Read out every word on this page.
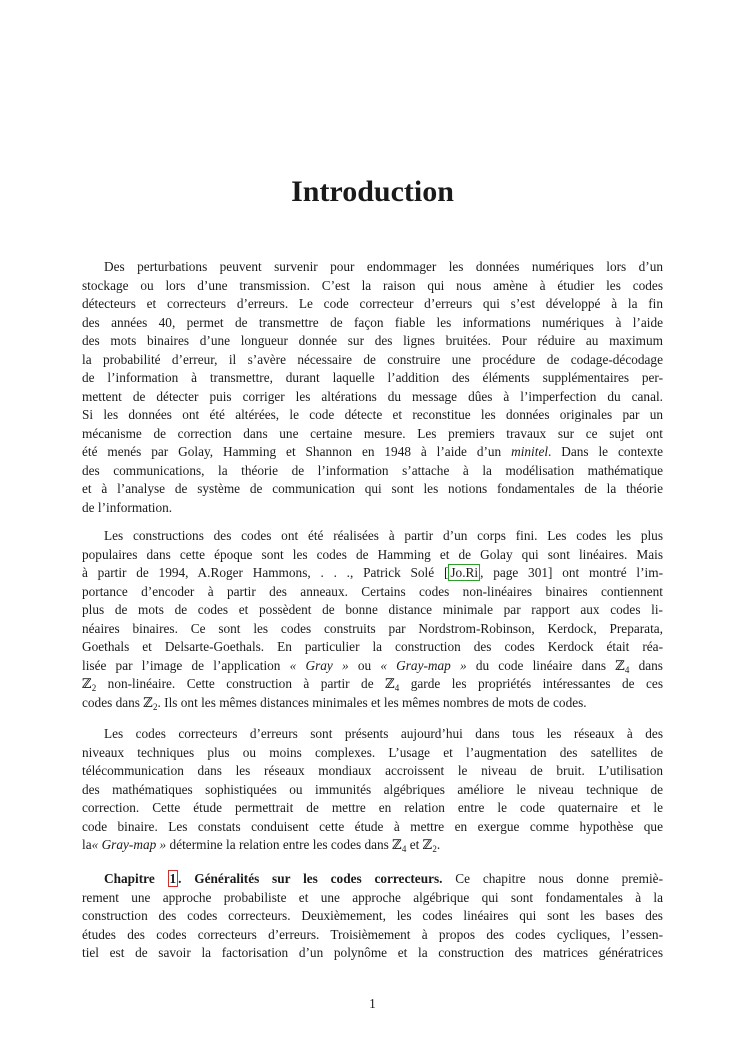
Introduction
Des perturbations peuvent survenir pour endommager les données numériques lors d’un
stockage ou lors d’une transmission. C’est la raison qui nous amène à étudier les codes
détecteurs et correcteurs d’erreurs. Le code correcteur d’erreurs qui s’est développé à la fin
des années 40, permet de transmettre de façon fiable les informations numériques à l’aide
des mots binaires d’une longueur donnée sur des lignes bruitées. Pour réduire au maximum
la probabilité d’erreur, il s’avère nécessaire de construire une procédure de codage-décodage
de l’information à transmettre, durant laquelle l’addition des éléments supplémentaires per-
mettent de détecter puis corriger les altérations du message dûes à l’imperfection du canal.
Si les données ont été altérées, le code détecte et reconstitue les données originales par un
mécanisme de correction dans une certaine mesure. Les premiers travaux sur ce sujet ont
été menés par Golay, Hamming et Shannon en 1948 à l’aide d’un minitel. Dans le contexte
des communications, la théorie de l’information s’attache à la modélisation mathématique
et à l’analyse de système de communication qui sont les notions fondamentales de la théorie
de l’information.
Les constructions des codes ont été réalisées à partir d’un corps fini. Les codes les plus
populaires dans cette époque sont les codes de Hamming et de Golay qui sont linéaires. Mais
à partir de 1994, A.Roger Hammons, . . ., Patrick Solé [ Jo.Ri , page 301] ont montré l’im-
portance d’encoder à partir des anneaux. Certains codes non-linéaires binaires contiennent
plus de mots de codes et possèdent de bonne distance minimale par rapport aux codes li-
néaires binaires. Ce sont les codes construits par Nordstrom-Robinson, Kerdock, Preparata,
Goethals et Delsarte-Goethals. En particulier la construction des codes Kerdock était réa-
lisée par l’image de l’application « Gray » ou « Gray-map » du code linéaire dans ℤ$_4$ dans
ℤ$_2$ non-linéaire. Cette construction à partir de ℤ$_4$ garde les propriétés intéressantes de ces
codes dans ℤ$_2$. Ils ont les mêmes distances minimales et les mêmes nombres de mots de codes.
Les codes correcteurs d’erreurs sont présents aujourd’hui dans tous les réseaux à des
niveaux techniques plus ou moins complexes. L’usage et l’augmentation des satellites de
télécommunication dans les réseaux mondiaux accroissent le niveau de bruit. L’utilisation
des mathématiques sophistiquées ou immunités algébriques améliore le niveau technique de
correction. Cette étude permettrait de mettre en relation entre le code quaternaire et le
code binaire. Les constats conduisent cette étude à mettre en exergue comme hypothèse que
la« Gray-map » détermine la relation entre les codes dans ℤ$_4$ et ℤ$_2$.
Chapitre 1 . Généralités sur les codes correcteurs. Ce chapitre nous donne premiè-
rement une approche probabiliste et une approche algébrique qui sont fondamentales à la
construction des codes correcteurs. Deuxièmement, les codes linéaires qui sont les bases des
études des codes correcteurs d’erreurs. Troisièmement à propos des codes cycliques, l’essen-
tiel est de savoir la factorisation d’un polynôme et la construction des matrices génératrices
1
